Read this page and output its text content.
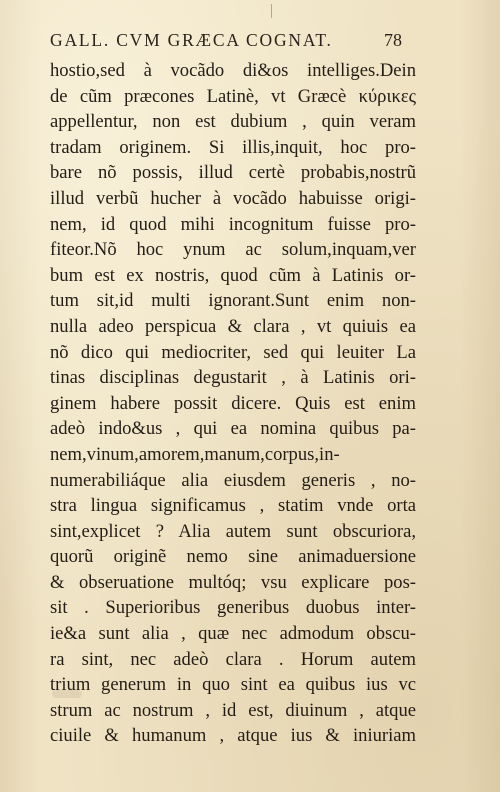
GALL. CVM GRÆCA COGNAT.	78
hostio,sed à vocãdo di&os intelliges.Dein
de cũm præcones Latinè, vt Græcè κύρικες
appellentur, non est dubium , quin veram
tradam originem. Si illis,inquit, hoc pro-
bare nõ possis, illud certè probabis,nostrũ
illud verbũ hucher à vocãdo habuisse origi-
nem, id quod mihi incognitum fuisse pro-
fiteor.Nõ hoc ynum ac solum,inquam,ver
bum est ex nostris, quod cũm à Latinis or-
tum sit,id multi ignorant.Sunt enim non-
nulla adeo perspicua & clara , vt quiuis ea
nõ dico qui mediocriter, sed qui leuiter La
tinas disciplinas degustarit , à Latinis ori-
ginem habere possit dicere. Quis est enim
adeò indo&us , qui ea nomina quibus pa-
nem,vinum,amorem,manum,corpus,in-
numerabiliáque alia eiusdem generis , no-
stra lingua significamus , statim vnde orta
sint,explicet ? Alia autem sunt obscuriora,
quorũ originẽ nemo sine animaduersione
& obseruatione multóq; vsu explicare pos-
sit . Superioribus generibus duobus inter-
ie&a sunt alia , quæ nec admodum obscu-
ra sint, nec adeò clara . Horum autem
trium generum in quo sint ea quibus ius vc
strum ac nostrum , id est, diuinum , atque
ciuile & humanum , atque ius & iniuriam
